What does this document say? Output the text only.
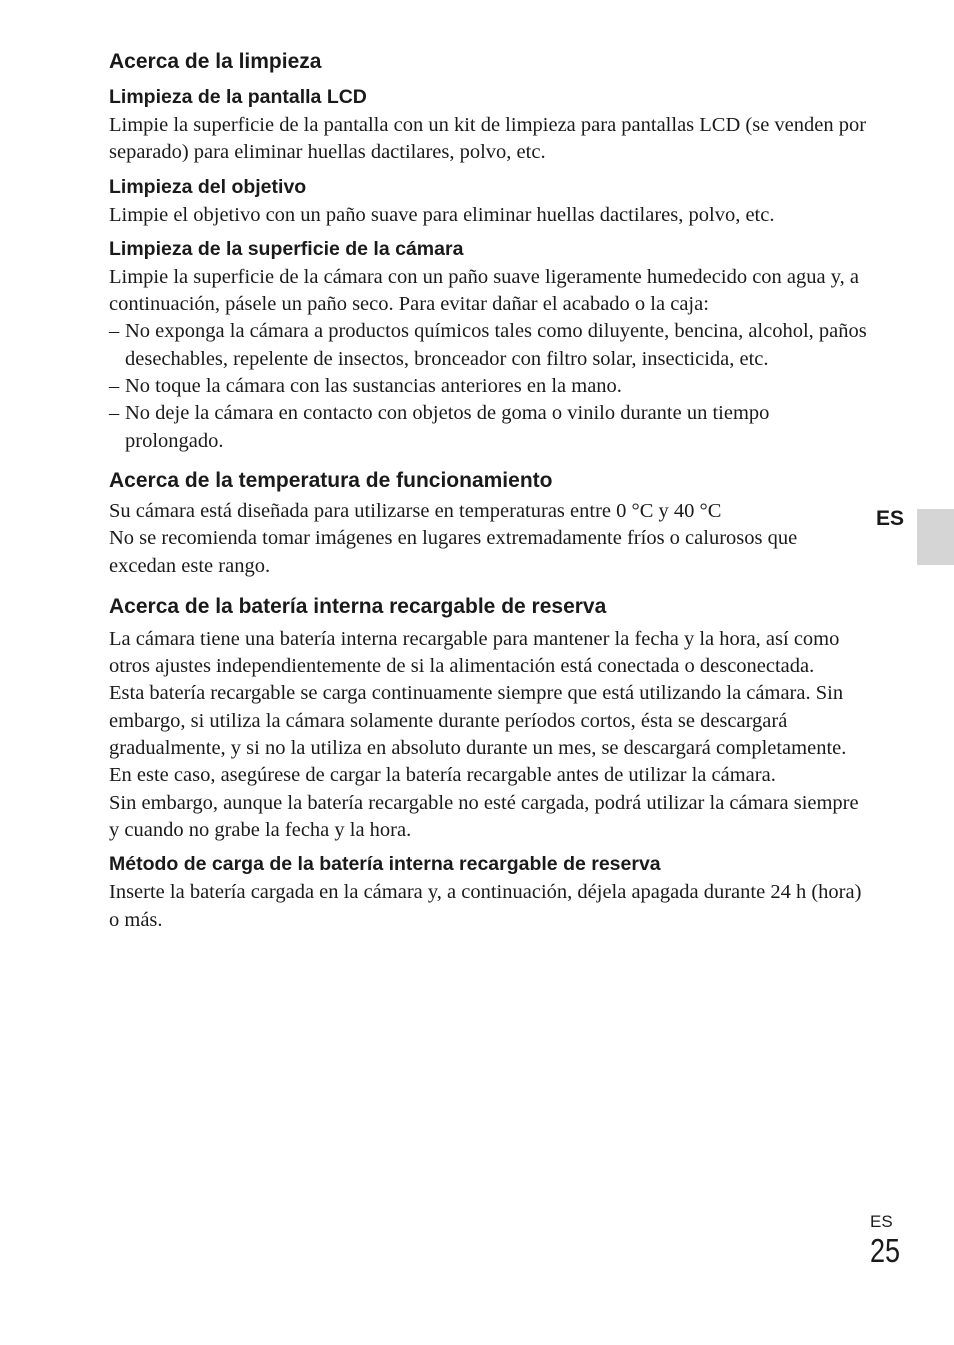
Acerca de la limpieza
Limpieza de la pantalla LCD

Limpie la superficie de la pantalla con un kit de limpieza para pantallas LCD (se venden por separado) para eliminar huellas dactilares, polvo, etc.

Limpieza del objetivo

Limpie el objetivo con un paño suave para eliminar huellas dactilares, polvo, etc.

Limpieza de la superficie de la cámara

Limpie la superficie de la cámara con un paño suave ligeramente humedecido con agua y, a continuación, pásele un paño seco. Para evitar dañar el acabado o la caja:

– No exponga la cámara a productos químicos tales como diluyente, bencina, alcohol, paños desechables, repelente de insectos, bronceador con filtro solar, insecticida, etc.
– No toque la cámara con las sustancias anteriores en la mano.
– No deje la cámara en contacto con objetos de goma o vinilo durante un tiempo prolongado.
Acerca de la temperatura de funcionamiento

Su cámara está diseñada para utilizarse en temperaturas entre 0 °C y 40 °C

No se recomienda tomar imágenes en lugares extremadamente fríos o calurosos que excedan este rango.

Acerca de la batería interna recargable de reserva

La cámara tiene una batería interna recargable para mantener la fecha y la hora, así como otros ajustes independientemente de si la alimentación está conectada o desconectada.

Esta batería recargable se carga continuamente siempre que está utilizando la cámara. Sin embargo, si utiliza la cámara solamente durante períodos cortos, ésta se descargará gradualmente, y si no la utiliza en absoluto durante un mes, se descargará completamente. En este caso, asegúrese de cargar la batería recargable antes de utilizar la cámara.

Sin embargo, aunque la batería recargable no esté cargada, podrá utilizar la cámara siempre y cuando no grabe la fecha y la hora.

Método de carga de la batería interna recargable de reserva

Inserte la batería cargada en la cámara y, a continuación, déjela apagada durante 24 h (hora) o más.

ES
ES
25
